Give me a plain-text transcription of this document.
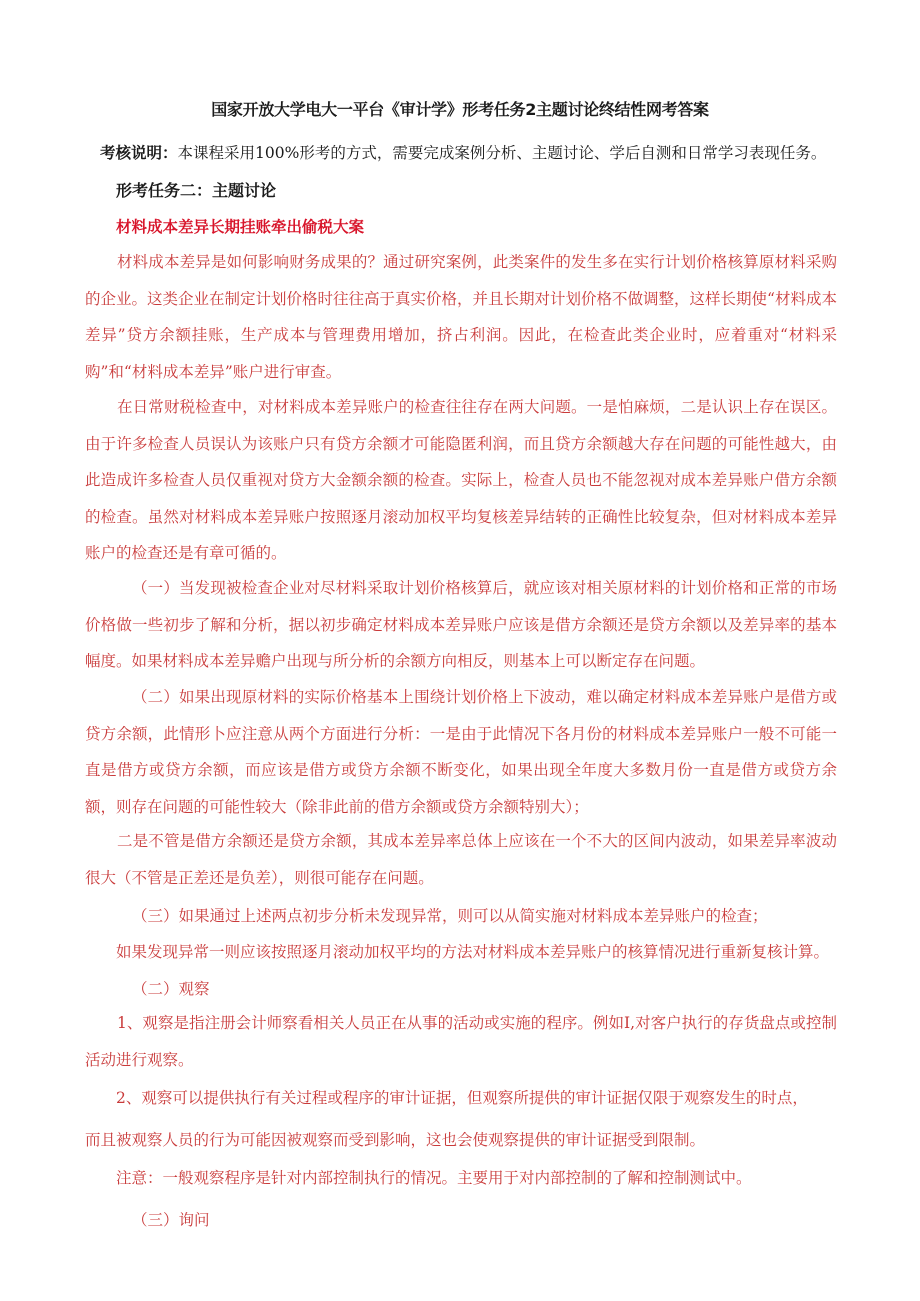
国家开放大学电大一平台《审计学》形考任务2主题讨论终结性网考答案
考核说明：本课程采用100%形考的方式，需要完成案例分析、主题讨论、学后自测和日常学习表现任务。
形考任务二：主题讨论
材料成本差异长期挂账牵出偷税大案

材料成本差异是如何影响财务成果的？通过研究案例，此类案件的发生多在实行计划价格核算原材料采购的企业。这类企业在制定计划价格时往往高于真实价格，并且长期对计划价格不做调整，这样长期使“材料成本差异”贷方余额挂账，生产成本与管理费用增加，挤占利润。因此，在检查此类企业时，应着重对“材料采购”和“材料成本差异”账户进行审查。

在日常财税检查中，对材料成本差异账户的检查往往存在两大问题。一是怕麻烦，二是认识上存在误区。由于许多检查人员误认为该账户只有贷方余额才可能隐匿利润，而且贷方余额越大存在问题的可能性越大，由此造成许多检查人员仅重视对贷方大金额余额的检查。实际上，检查人员也不能忽视对成本差异账户借方余额的检查。虽然对材料成本差异账户按照逐月滚动加权平均复核差异结转的正确性比较复杂，但对材料成本差异账户的检查还是有章可循的。

（一）当发现被检查企业对尽材料采取计划价格核算后，就应该对相关原材料的计划价格和正常的市场价格做一些初步了解和分析，据以初步确定材料成本差异账户应该是借方余额还是贷方余额以及差异率的基本幅度。如果材料成本差异赡户出现与所分析的余额方向相反，则基本上可以断定存在问题。

（二）如果出现原材料的实际价格基本上围绕计划价格上下波动，难以确定材料成本差异账户是借方或贷方余额，此情形卜应注意从两个方面进行分析：一是由于此情况下各月份的材料成本差异账户一般不可能一直是借方或贷方余额，而应该是借方或贷方余额不断变化，如果出现全年度大多数月份一直是借方或贷方余额，则存在问题的可能性较大（除非此前的借方余额或贷方余额特别大）；

二是不管是借方余额还是贷方余额，其成本差异率总体上应该在一个不大的区间内波动，如果差异率波动很大（不管是正差还是负差），则很可能存在问题。

（三）如果通过上述两点初步分析未发现异常，则可以从简实施对材料成本差异账户的检查；
如果发现异常一则应该按照逐月滚动加权平均的方法对材料成本差异账户的核算情况进行重新复核计算。
（二）观察

1、观察是指注册会计师察看相关人员正在从事的活动或实施的程序。例如I,对客户执行的存货盘点或控制活动进行观察。

2、观察可以提供执行有关过程或程序的审计证据，但观察所提供的审计证据仅限于观察发生的时点，
而且被观察人员的行为可能因被观察而受到影响，这也会使观察提供的审计证据受到限制。
注意：一般观察程序是针对内部控制执行的情况。主要用于对内部控制的了解和控制测试中。
（三）询问
